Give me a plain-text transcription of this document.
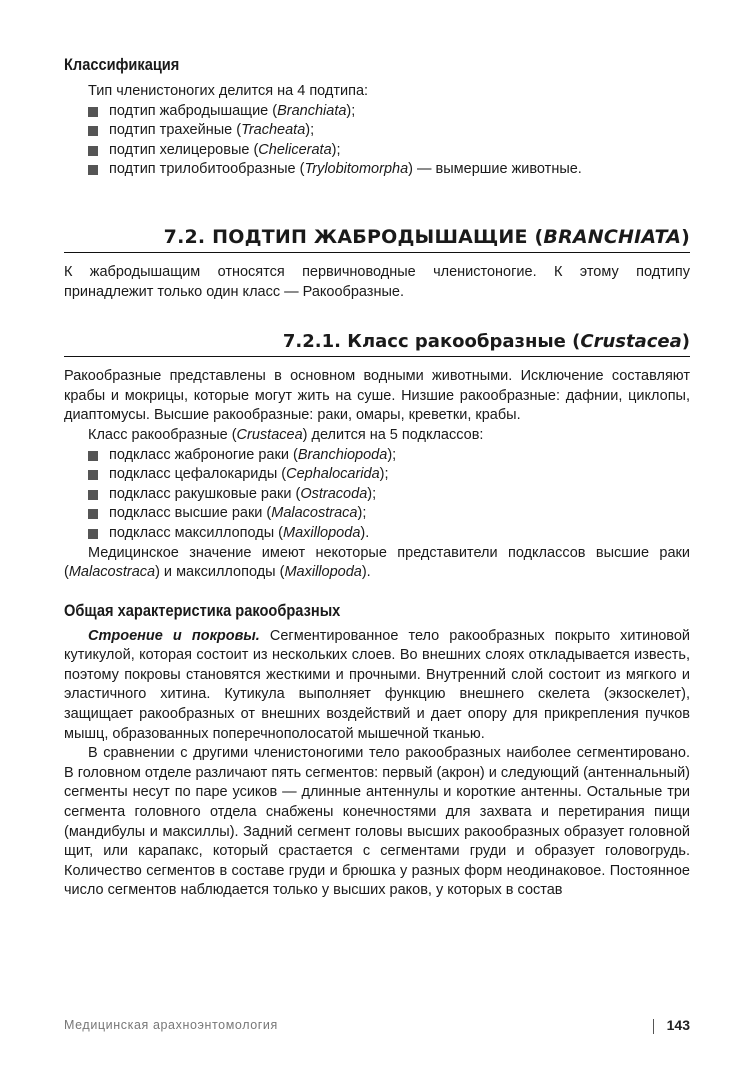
Классификация

Тип членистоногих делится на 4 подтипа:

подтип жабродышащие (Branchiata);
подтип трахейные (Tracheata);
подтип хелицеровые (Chelicerata);
подтип трилобитообразные (Trylobitomorpha) — вымершие животные.
7.2. ПОДТИП ЖАБРОДЫШАЩИЕ (BRANCHIATA)

К жабродышащим относятся первичноводные членистоногие. К этому подтипу принадлежит только один класс — Ракообразные.

7.2.1. Класс ракообразные (Crustacea)

Ракообразные представлены в основном водными животными. Исключение составляют крабы и мокрицы, которые могут жить на суше. Низшие ракообразные: дафнии, циклопы, диаптомусы. Высшие ракообразные: раки, омары, креветки, крабы.

Класс ракообразные (Crustacea) делится на 5 подклассов:

подкласс жаброногие раки (Branchiopoda);
подкласс цефалокариды (Cephalocarida);
подкласс ракушковые раки (Ostracoda);
подкласс высшие раки (Malacostraca);
подкласс максиллоподы (Maxillopoda).

Медицинское значение имеют некоторые представители подклассов высшие раки (Malacostraca) и максиллоподы (Maxillopoda).

Общая характеристика ракообразных

Строение и покровы. Сегментированное тело ракообразных покрыто хитиновой кутикулой, которая состоит из нескольких слоев. Во внешних слоях откладывается известь, поэтому покровы становятся жесткими и прочными. Внутренний слой состоит из мягкого и эластичного хитина. Кутикула выполняет функцию внешнего скелета (экзоскелет), защищает ракообразных от внешних воздействий и дает опору для прикрепления пучков мышц, образованных поперечнополосатой мышечной тканью.

В сравнении с другими членистоногими тело ракообразных наиболее сегментировано. В головном отделе различают пять сегментов: первый (акрон) и следующий (антеннальный) сегменты несут по паре усиков — длинные антеннулы и короткие антенны. Остальные три сегмента головного отдела снабжены конечностями для захвата и перетирания пищи (мандибулы и максиллы). Задний сегмент головы высших ракообразных образует головной щит, или карапакс, который срастается с сегментами груди и образует головогрудь. Количество сегментов в составе груди и брюшка у разных форм неодинаковое. Постоянное число сегментов наблюдается только у высших раков, у которых в состав

Медицинская арахноэнтомология	143
